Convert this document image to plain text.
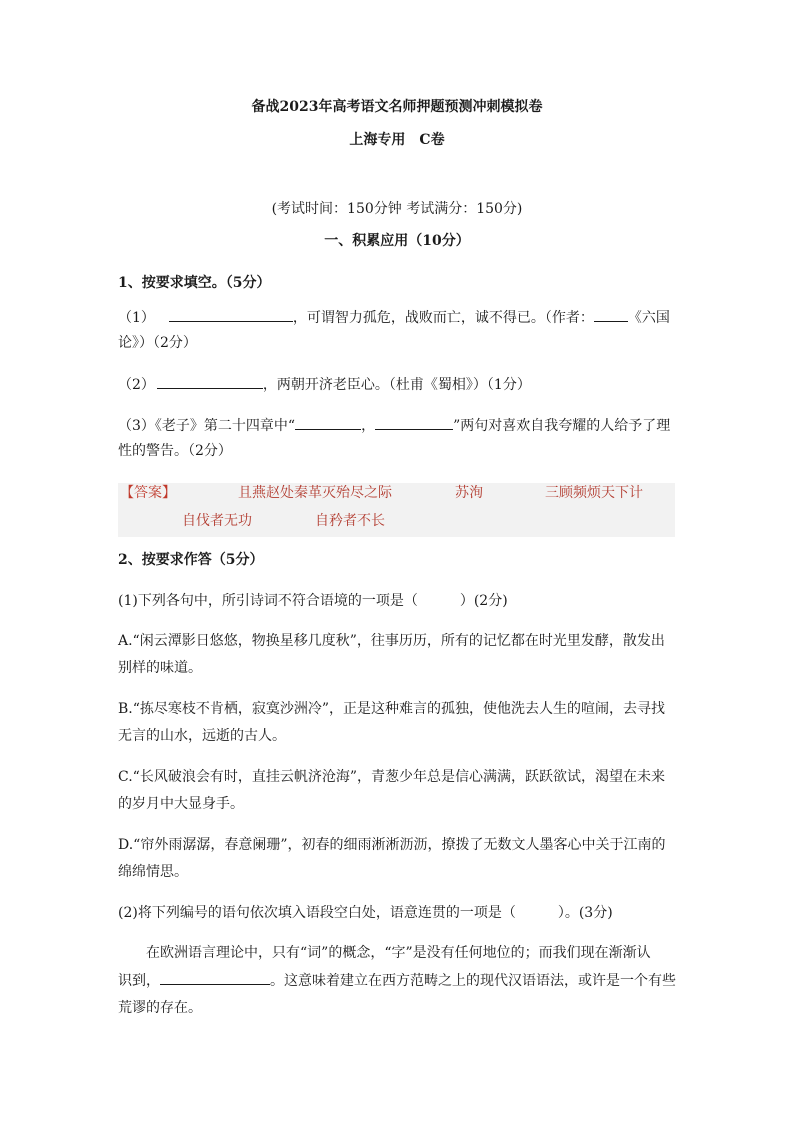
备战2023年高考语文名师押题预测冲刺模拟卷
上海专用　C卷
(考试时间：150分钟 考试满分：150分)
一、积累应用（10分）
1、按要求填空。（5分）
（1）	，可谓智力孤危，战败而亡，诚不得已。（作者： 《六国
论》）（2分）
（2）	，两朝开济老臣心。（杜甫《蜀相》）（1分）
（3）《老子》第二十四章中“	，	”两句对喜欢自我夸耀的人给予了理
性的警告。（2分）
【答案】	且燕赵处秦革灭殆尽之际	苏洵	三顾频烦天下计
自伐者无功	自矜者不长
2、按要求作答（5分）
(1)下列各句中，所引诗词不符合语境的一项是（　　　）(2分)
A.“闲云潭影日悠悠，物换星移几度秋”，往事历历，所有的记忆都在时光里发酵，散发出
别样的味道。
B.“拣尽寒枝不肯栖，寂寞沙洲冷”，正是这种难言的孤独，使他洗去人生的喧闹，去寻找
无言的山水，远逝的古人。
C.“长风破浪会有时，直挂云帆济沧海”，青葱少年总是信心满满，跃跃欲试，渴望在未来
的岁月中大显身手。
D.“帘外雨潺潺，春意阑珊”，初春的细雨淅淅沥沥，撩拨了无数文人墨客心中关于江南的
绵绵情思。
(2)将下列编号的语句依次填入语段空白处，语意连贯的一项是（　　　）。(3分)
在欧洲语言理论中，只有“词”的概念，“字”是没有任何地位的；而我们现在渐渐认
识到，	。这意味着建立在西方范畴之上的现代汉语语法，或许是一个有些
荒谬的存在。
